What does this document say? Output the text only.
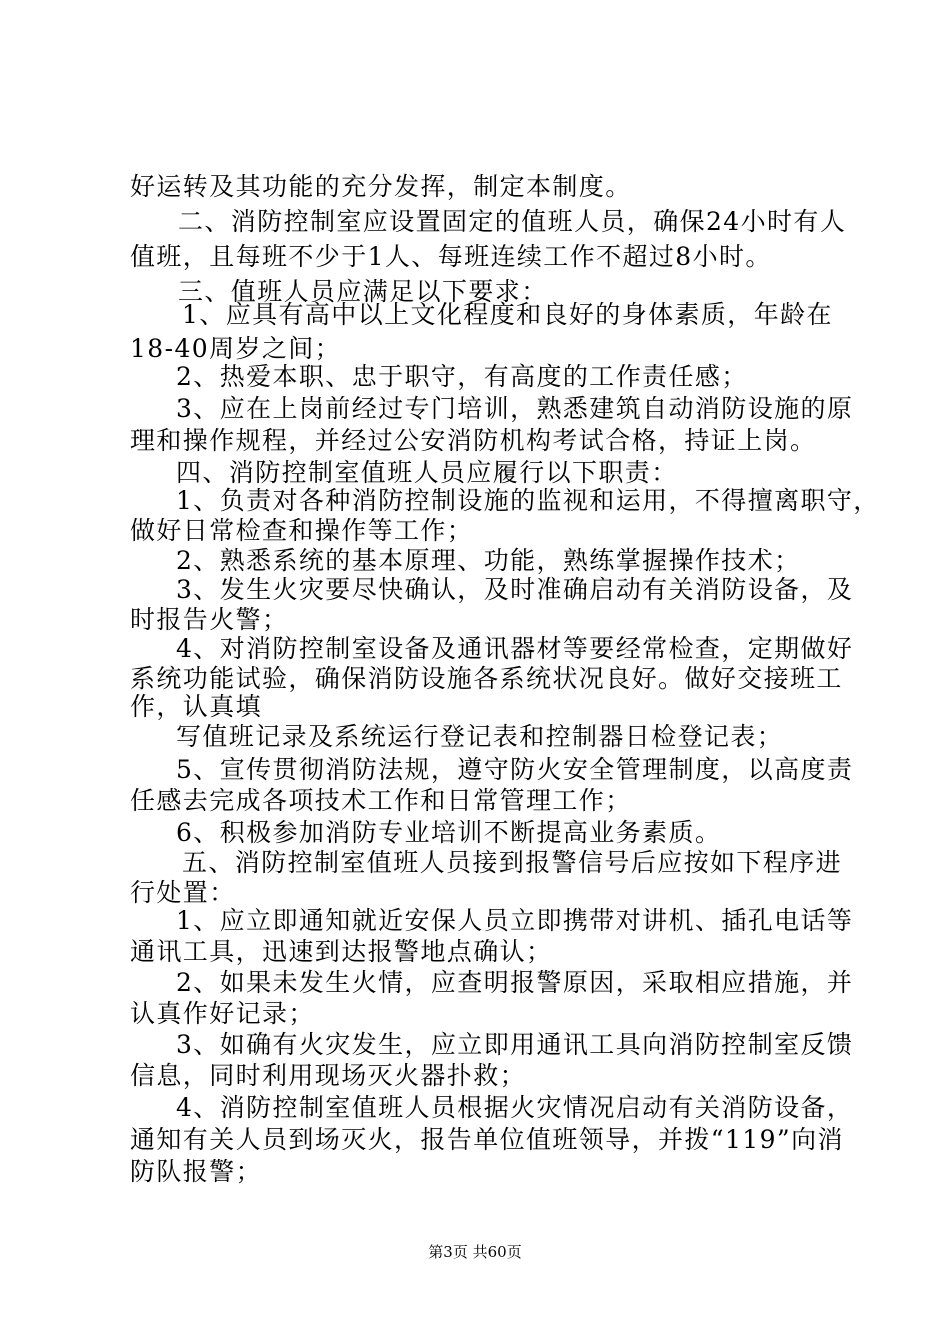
好运转及其功能的充分发挥，制定本制度。
二、消防控制室应设置固定的值班人员，确保24小时有人
值班，且每班不少于1人、每班连续工作不超过8小时。
三、值班人员应满足以下要求：
1、应具有高中以上文化程度和良好的身体素质，年龄在
18-40周岁之间；
2、热爱本职、忠于职守，有高度的工作责任感；
3、应在上岗前经过专门培训，熟悉建筑自动消防设施的原
理和操作规程，并经过公安消防机构考试合格，持证上岗。
四、消防控制室值班人员应履行以下职责：
1、负责对各种消防控制设施的监视和运用，不得擅离职守，
做好日常检查和操作等工作；
2、熟悉系统的基本原理、功能，熟练掌握操作技术；
3、发生火灾要尽快确认，及时准确启动有关消防设备，及
时报告火警；
4、对消防控制室设备及通讯器材等要经常检查，定期做好
系统功能试验，确保消防设施各系统状况良好。做好交接班工
作，认真填
写值班记录及系统运行登记表和控制器日检登记表；
5、宣传贯彻消防法规，遵守防火安全管理制度，以高度责
任感去完成各项技术工作和日常管理工作；
6、积极参加消防专业培训不断提高业务素质。
五、消防控制室值班人员接到报警信号后应按如下程序进
行处置：
1、应立即通知就近安保人员立即携带对讲机、插孔电话等
通讯工具，迅速到达报警地点确认；
2、如果未发生火情，应查明报警原因，采取相应措施，并
认真作好记录；
3、如确有火灾发生，应立即用通讯工具向消防控制室反馈
信息，同时利用现场灭火器扑救；
4、消防控制室值班人员根据火灾情况启动有关消防设备，
通知有关人员到场灭火，报告单位值班领导，并拨“119”向消
防队报警；
第3页 共60页
